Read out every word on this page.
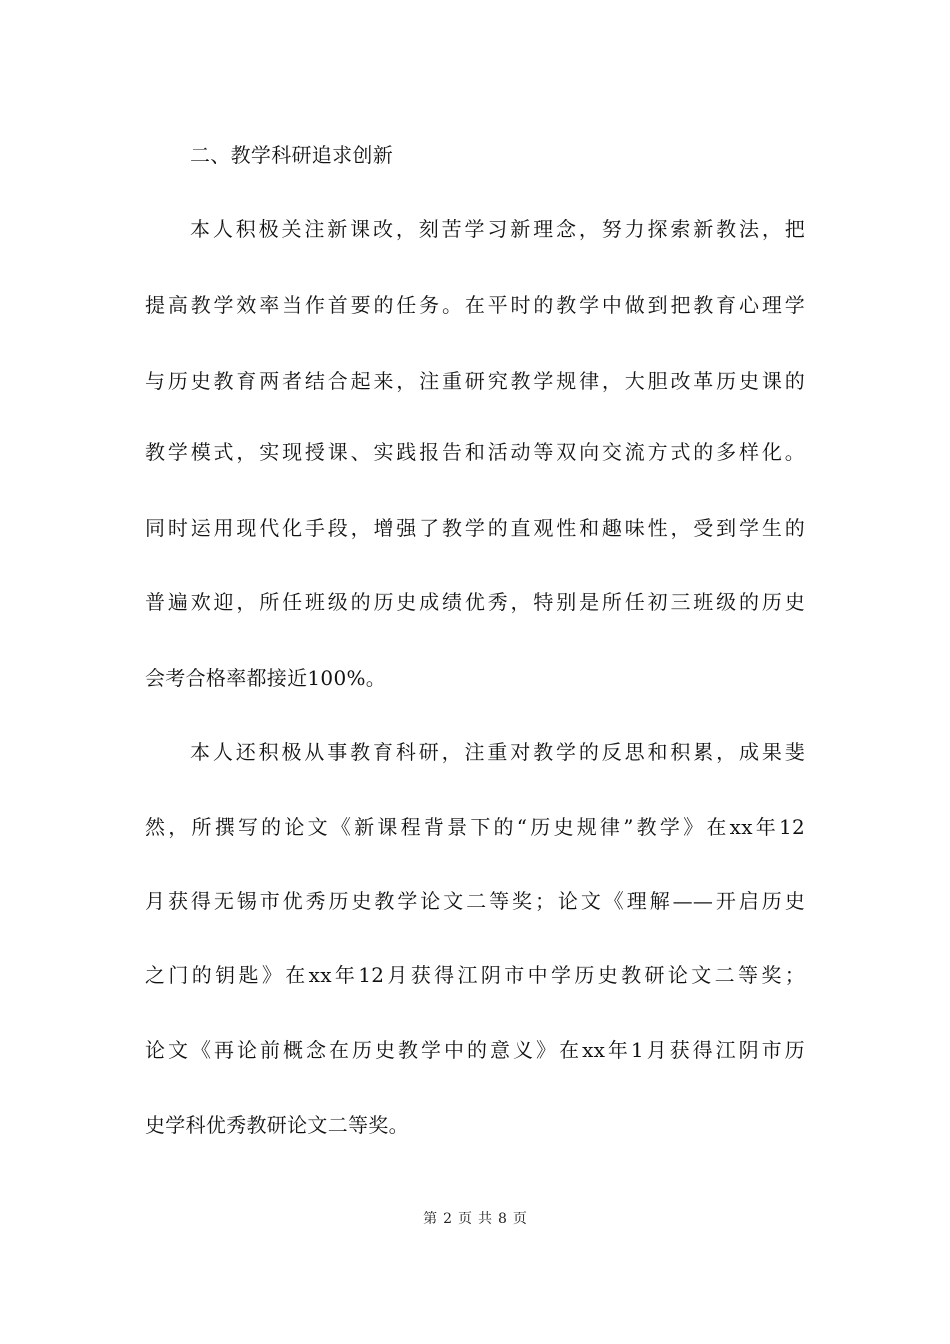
二、教学科研追求创新
本人积极关注新课改，刻苦学习新理念，努力探索新教法，把
提高教学效率当作首要的任务。在平时的教学中做到把教育心理学
与历史教育两者结合起来，注重研究教学规律，大胆改革历史课的
教学模式，实现授课、实践报告和活动等双向交流方式的多样化。
同时运用现代化手段，增强了教学的直观性和趣味性，受到学生的
普遍欢迎，所任班级的历史成绩优秀，特别是所任初三班级的历史
会考合格率都接近100%。
本人还积极从事教育科研，注重对教学的反思和积累，成果斐
然，所撰写的论文《新课程背景下的“历史规律”教学》在xx年12
月获得无锡市优秀历史教学论文二等奖；论文《理解——开启历史
之门的钥匙》在xx年12月获得江阴市中学历史教研论文二等奖；
论文《再论前概念在历史教学中的意义》在xx年1月获得江阴市历
史学科优秀教研论文二等奖。
第 2 页 共 8 页
